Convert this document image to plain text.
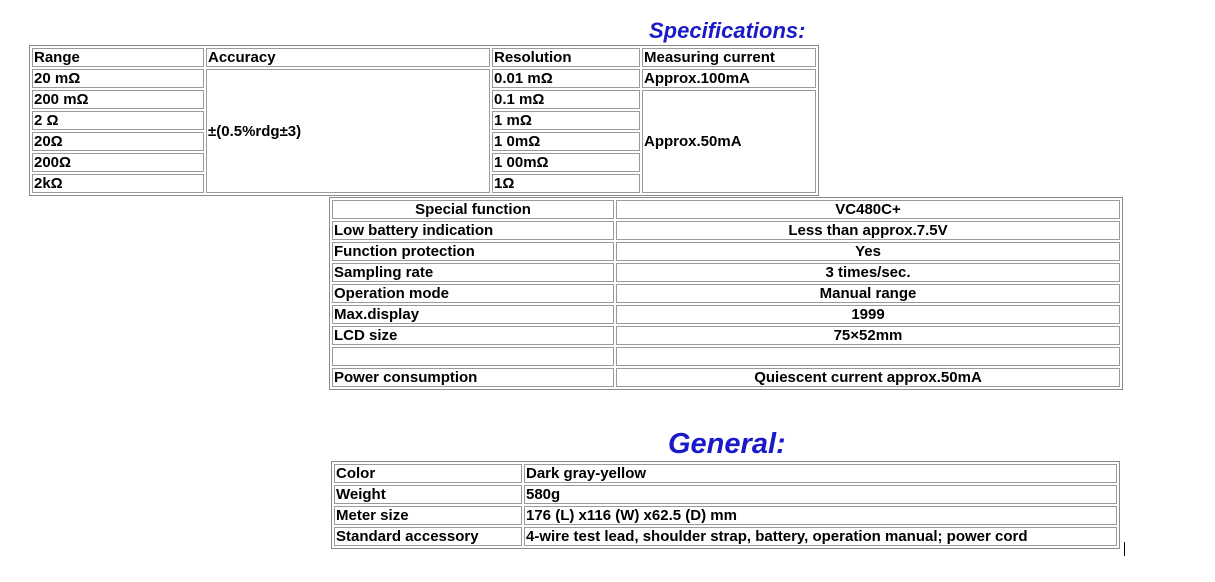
Specifications:
Range	Accuracy	Resolution	Measuring current
20 mΩ	±(0.5%rdg±3)	0.01 mΩ	Approx.100mA
200 mΩ		0.1 mΩ	Approx.50mA
2 Ω		1 mΩ	
20Ω		1 0mΩ	
200Ω		1 00mΩ	
2kΩ		1Ω	
Special function	VC480C+
Low battery indication	Less than approx.7.5V
Function protection	Yes
Sampling rate	3 times/sec.
Operation mode	Manual range
Max.display	1999
LCD size	75×52mm

Power consumption	Quiescent current approx.50mA
General:
Color	Dark gray-yellow
Weight	580g
Meter size	176 (L) x116 (W) x62.5 (D) mm
Standard accessory	4-wire test lead, shoulder strap, battery, operation manual; power cord
